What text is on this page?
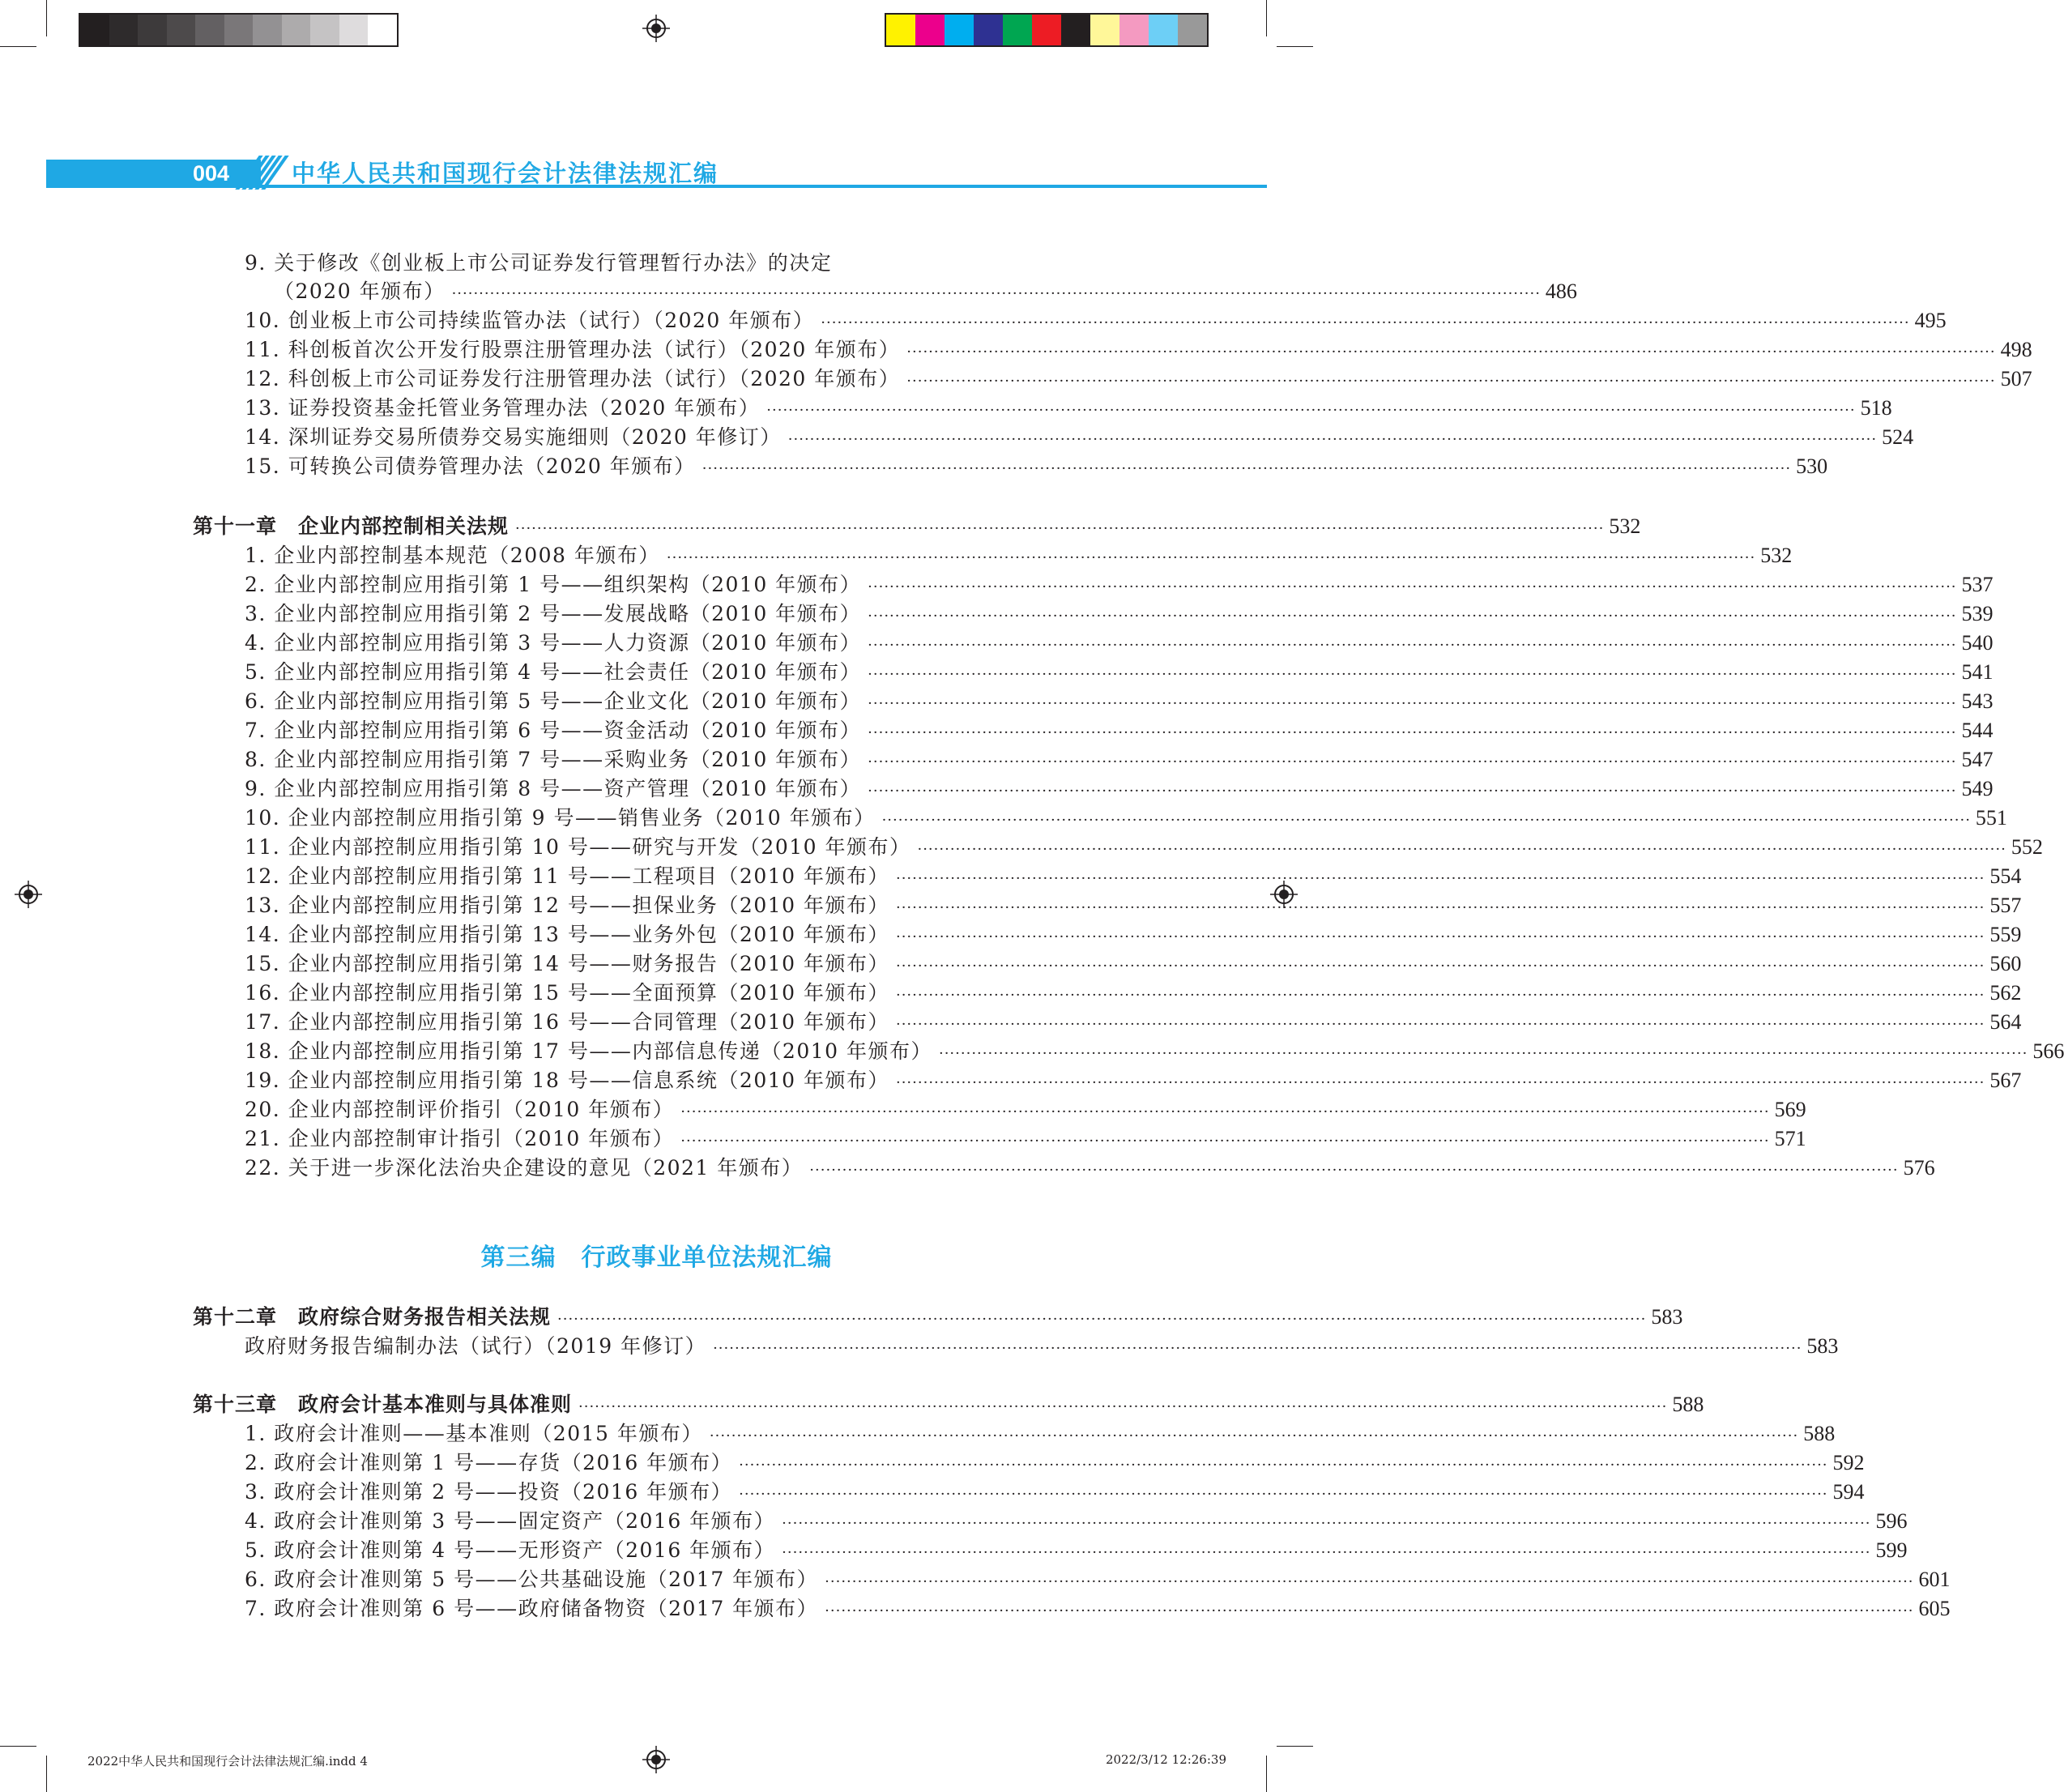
004	中华人民共和国现行会计法律法规汇编
9. 关于修改《创业板上市公司证券发行管理暂行办法》的决定
（2020 年颁布） ········································································································································································································ 486
10. 创业板上市公司持续监管办法（试行）（2020 年颁布） ········································································································································································································ 495
11. 科创板首次公开发行股票注册管理办法（试行）（2020 年颁布） ········································································································································································································ 498
12. 科创板上市公司证券发行注册管理办法（试行）（2020 年颁布） ········································································································································································································ 507
13. 证券投资基金托管业务管理办法（2020 年颁布） ········································································································································································································ 518
14. 深圳证券交易所债券交易实施细则（2020 年修订） ········································································································································································································ 524
15. 可转换公司债券管理办法（2020 年颁布） ········································································································································································································ 530
第十一章　企业内部控制相关法规 ········································································································································································································ 532
1. 企业内部控制基本规范（2008 年颁布） ········································································································································································································ 532
2. 企业内部控制应用指引第 1 号——组织架构（2010 年颁布） ········································································································································································································ 537
3. 企业内部控制应用指引第 2 号——发展战略（2010 年颁布） ········································································································································································································ 539
4. 企业内部控制应用指引第 3 号——人力资源（2010 年颁布） ········································································································································································································ 540
5. 企业内部控制应用指引第 4 号——社会责任（2010 年颁布） ········································································································································································································ 541
6. 企业内部控制应用指引第 5 号——企业文化（2010 年颁布） ········································································································································································································ 543
7. 企业内部控制应用指引第 6 号——资金活动（2010 年颁布） ········································································································································································································ 544
8. 企业内部控制应用指引第 7 号——采购业务（2010 年颁布） ········································································································································································································ 547
9. 企业内部控制应用指引第 8 号——资产管理（2010 年颁布） ········································································································································································································ 549
10. 企业内部控制应用指引第 9 号——销售业务（2010 年颁布） ········································································································································································································ 551
11. 企业内部控制应用指引第 10 号——研究与开发（2010 年颁布） ········································································································································································································ 552
12. 企业内部控制应用指引第 11 号——工程项目（2010 年颁布） ········································································································································································································ 554
13. 企业内部控制应用指引第 12 号——担保业务（2010 年颁布） ········································································································································································································ 557
14. 企业内部控制应用指引第 13 号——业务外包（2010 年颁布） ········································································································································································································ 559
15. 企业内部控制应用指引第 14 号——财务报告（2010 年颁布） ········································································································································································································ 560
16. 企业内部控制应用指引第 15 号——全面预算（2010 年颁布） ········································································································································································································ 562
17. 企业内部控制应用指引第 16 号——合同管理（2010 年颁布） ········································································································································································································ 564
18. 企业内部控制应用指引第 17 号——内部信息传递（2010 年颁布） ········································································································································································································ 566
19. 企业内部控制应用指引第 18 号——信息系统（2010 年颁布） ········································································································································································································ 567
20. 企业内部控制评价指引（2010 年颁布） ········································································································································································································ 569
21. 企业内部控制审计指引（2010 年颁布） ········································································································································································································ 571
22. 关于进一步深化法治央企建设的意见（2021 年颁布） ········································································································································································································ 576
第十二章　政府综合财务报告相关法规 ········································································································································································································ 583
政府财务报告编制办法（试行）（2019 年修订） ········································································································································································································ 583
第十三章　政府会计基本准则与具体准则 ········································································································································································································ 588
1. 政府会计准则——基本准则（2015 年颁布） ········································································································································································································ 588
2. 政府会计准则第 1 号——存货（2016 年颁布） ········································································································································································································ 592
3. 政府会计准则第 2 号——投资（2016 年颁布） ········································································································································································································ 594
4. 政府会计准则第 3 号——固定资产（2016 年颁布） ········································································································································································································ 596
5. 政府会计准则第 4 号——无形资产（2016 年颁布） ········································································································································································································ 599
6. 政府会计准则第 5 号——公共基础设施（2017 年颁布） ········································································································································································································ 601
7. 政府会计准则第 6 号——政府储备物资（2017 年颁布） ········································································································································································································ 605
第三编　行政事业单位法规汇编
2022中华人民共和国现行会计法律法规汇编.indd 4	2022/3/12 12:26:39
